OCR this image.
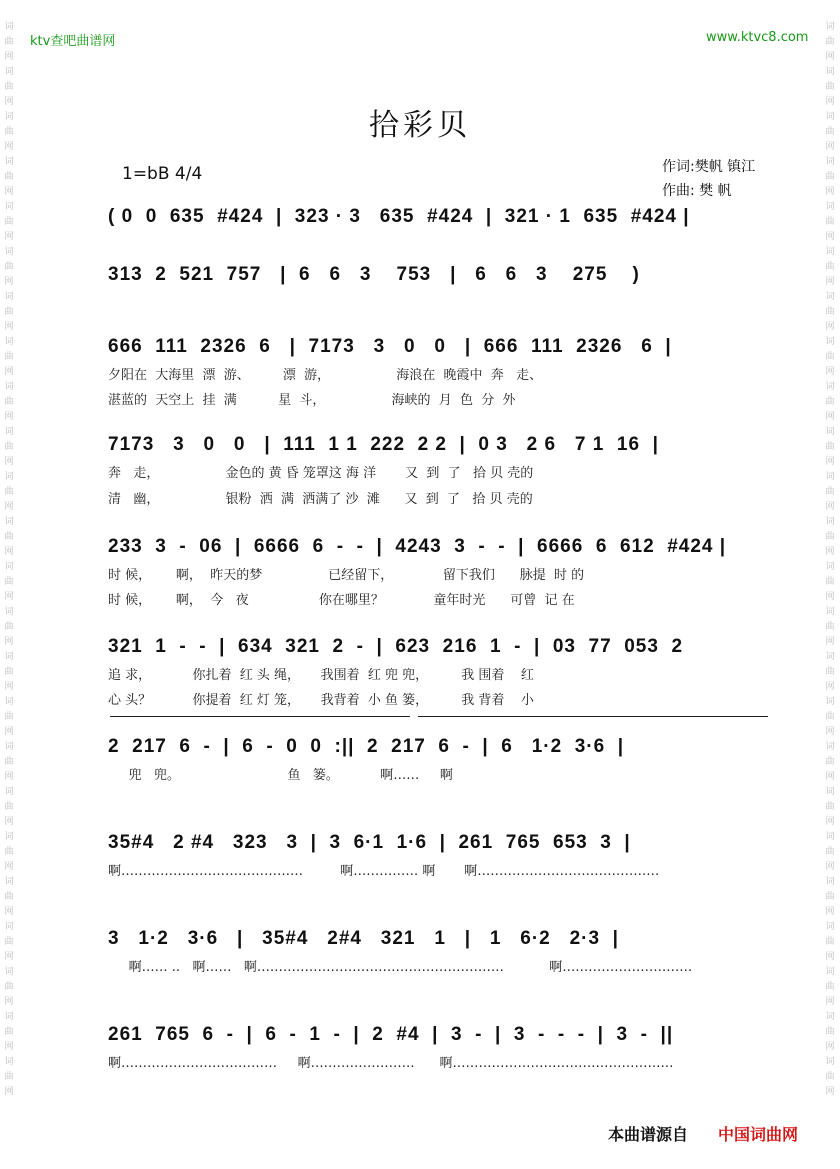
词曲网
词曲网
词曲网
词曲网
词曲网
词曲网
词曲网
词曲网
词曲网
词曲网
词曲网
词曲网
词曲网
词曲网
词曲网
词曲网
词曲网
词曲网
词曲网
词曲网
词曲网
词曲网
词曲网
词曲网
词曲网
词曲网
词曲网
词曲网
词曲网
词曲网
词曲网
词曲网
词曲网
词曲网
词曲网
词曲网
词曲网
词曲网
词曲网
词曲网
词曲网
词曲网
词曲网
词曲网
词曲网
词曲网
词曲网
词曲网
ktv查吧曲谱网	www.ktvc8.com
拾彩贝
1=bB 4/4	作词:樊帆 镇江
作曲: 樊 帆
( 0  0  635  #424  |  323 · 3   635  #424  |  321 · 1  635  #424 |
313  2  521  757   |  6   6   3    753   |   6   6   3    275    )
666  111  2326  6   |  7173   3   0   0   |  666  111  2326   6  |
夕阳在  大海里  漂  游、        漂  游，                海浪在  晚霞中  奔   走、
湛蓝的  天空上  挂  满          星  斗，                海峡的  月  色  分  外
7173   3   0   0   |  111  1 1  222  2 2  |  0 3   2 6   7 1  16  |
奔   走，                金色的 黄 昏 笼罩这 海 洋       又  到  了   拾 贝 壳的
清   幽，                银粉  洒  满  洒满了 沙  滩      又  到  了   拾 贝 壳的
233  3  -  06  |  6666  6  -  -  |  4243  3  -  -  |  6666  6  612  #424 |
时 候，      啊，  昨天的梦                已经留下，            留下我们      脉提  时 的
时 候，      啊，  今   夜                 你在哪里？            童年时光      可曾  记 在
321  1  -  -  |  634  321  2  -  |  623  216  1  -  |  03  77  053  2
追 求，          你扎着  红 头 绳，     我围着  红 兜 兜，        我 围着    红
心 头？          你提着  红 灯 笼，     我背着  小 鱼 篓，        我 背着    小
2  217  6  -  |  6  -  0  0  :||  2  217  6  -  |  6   1·2  3·6  |
兜   兜。                          鱼   篓。          啊……     啊
35#4   2 #4   323   3  |  3  6·1  1·6  |  261  765  653  3  |
啊……………………………………         啊…………… 啊       啊……………………………………
3   1·2   3·6   |   35#4   2#4   321   1   |   1   6·2   2·3  |
啊…… ..   啊……   啊…………………………………………………           啊…………………………
261  765  6  -  |  6  -  1  -  |  2  #4  |  3  -  |  3  -  -  -  |  3  -  ||
啊………………………………     啊……………………      啊……………………………………………
本曲谱源自 中国词曲网
